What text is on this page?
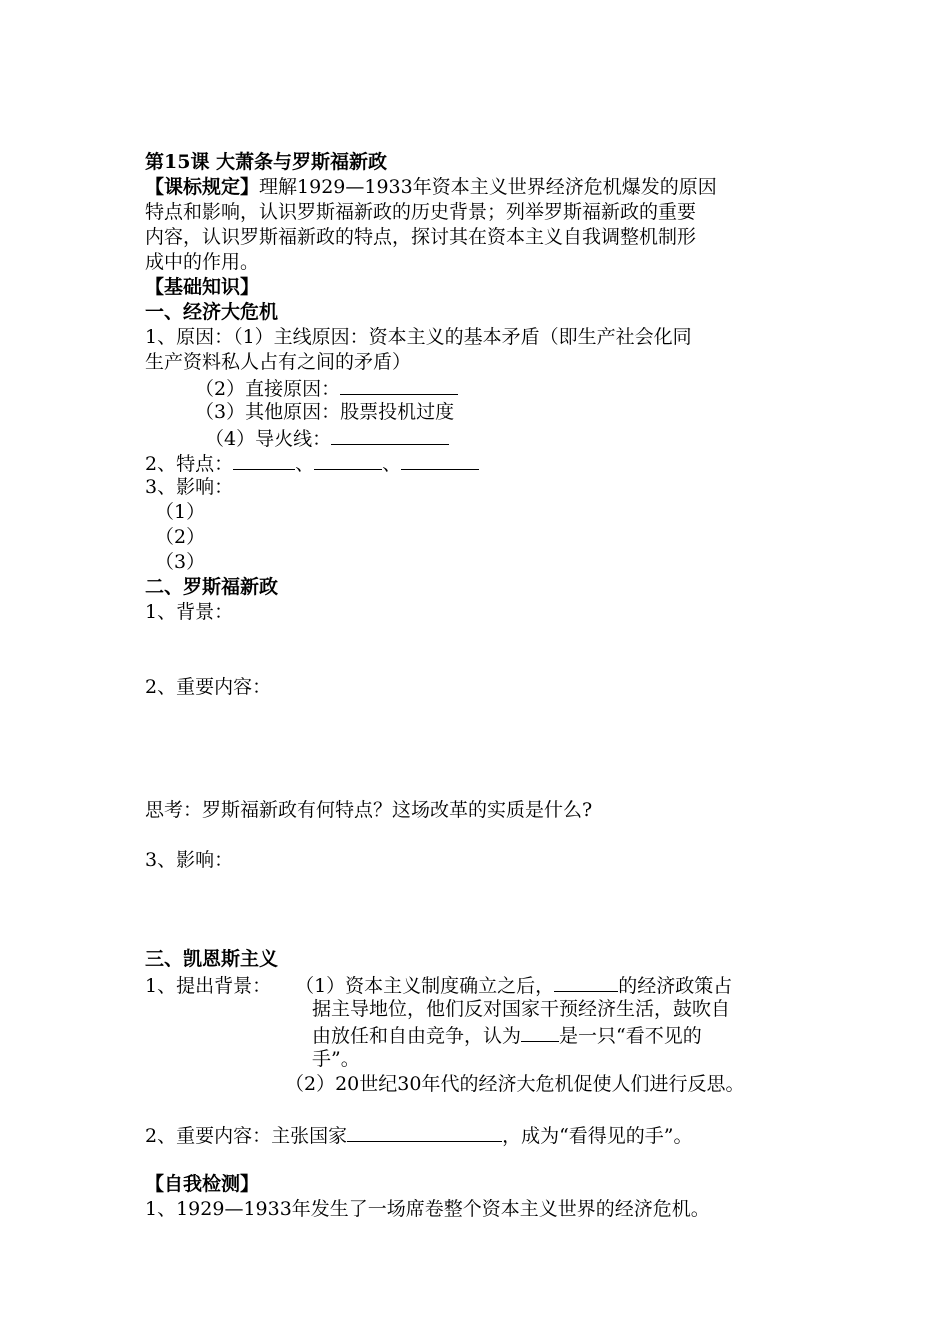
第15课 大萧条与罗斯福新政
【课标规定】理解1929—1933年资本主义世界经济危机爆发的原因
特点和影响，认识罗斯福新政的历史背景；列举罗斯福新政的重要
内容，认识罗斯福新政的特点，探讨其在资本主义自我调整机制形
成中的作用。
【基础知识】
一、经济大危机
1、原因：（1）主线原因：资本主义的基本矛盾（即生产社会化同
生产资料私人占有之间的矛盾）
（2）直接原因：
（3）其他原因：股票投机过度
（4）导火线：
2、特点：	、	、
3、影响：
（1）
（2）
（3）
二、罗斯福新政
1、背景：
2、重要内容：
思考：罗斯福新政有何特点？这场改革的实质是什么?
3、影响：
三、凯恩斯主义
1、提出背景： （1）资本主义制度确立之后，	的经济政策占
据主导地位，他们反对国家干预经济生活，鼓吹自
由放任和自由竞争，认为 是一只“看不见的
手”。
（2）20世纪30年代的经济大危机促使人们进行反思。
2、重要内容：主张国家	，成为“看得见的手”。
【自我检测】
1、1929—1933年发生了一场席卷整个资本主义世界的经济危机。
